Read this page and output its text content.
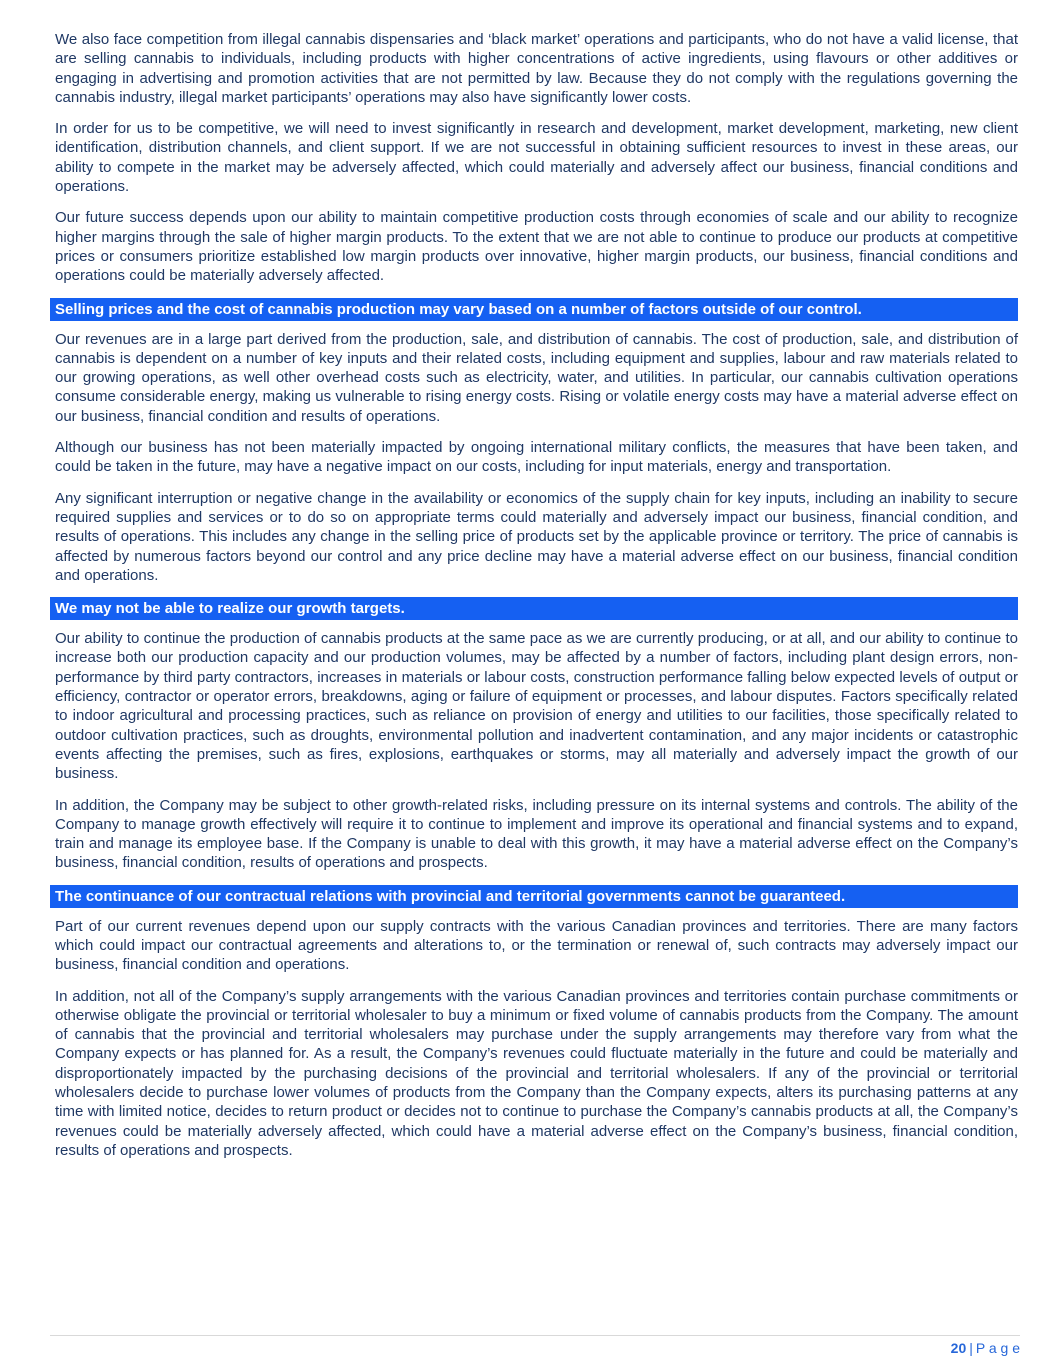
We also face competition from illegal cannabis dispensaries and ‘black market’ operations and participants, who do not have a valid license, that are selling cannabis to individuals, including products with higher concentrations of active ingredients, using flavours or other additives or engaging in advertising and promotion activities that are not permitted by law. Because they do not comply with the regulations governing the cannabis industry, illegal market participants’ operations may also have significantly lower costs.
In order for us to be competitive, we will need to invest significantly in research and development, market development, marketing, new client identification, distribution channels, and client support. If we are not successful in obtaining sufficient resources to invest in these areas, our ability to compete in the market may be adversely affected, which could materially and adversely affect our business, financial conditions and operations.
Our future success depends upon our ability to maintain competitive production costs through economies of scale and our ability to recognize higher margins through the sale of higher margin products. To the extent that we are not able to continue to produce our products at competitive prices or consumers prioritize established low margin products over innovative, higher margin products, our business, financial conditions and operations could be materially adversely affected.
Selling prices and the cost of cannabis production may vary based on a number of factors outside of our control.
Our revenues are in a large part derived from the production, sale, and distribution of cannabis. The cost of production, sale, and distribution of cannabis is dependent on a number of key inputs and their related costs, including equipment and supplies, labour and raw materials related to our growing operations, as well other overhead costs such as electricity, water, and utilities. In particular, our cannabis cultivation operations consume considerable energy, making us vulnerable to rising energy costs. Rising or volatile energy costs may have a material adverse effect on our business, financial condition and results of operations.
Although our business has not been materially impacted by ongoing international military conflicts, the measures that have been taken, and could be taken in the future, may have a negative impact on our costs, including for input materials, energy and transportation.
Any significant interruption or negative change in the availability or economics of the supply chain for key inputs, including an inability to secure required supplies and services or to do so on appropriate terms could materially and adversely impact our business, financial condition, and results of operations. This includes any change in the selling price of products set by the applicable province or territory. The price of cannabis is affected by numerous factors beyond our control and any price decline may have a material adverse effect on our business, financial condition and operations.
We may not be able to realize our growth targets.
Our ability to continue the production of cannabis products at the same pace as we are currently producing, or at all, and our ability to continue to increase both our production capacity and our production volumes, may be affected by a number of factors, including plant design errors, non-performance by third party contractors, increases in materials or labour costs, construction performance falling below expected levels of output or efficiency, contractor or operator errors, breakdowns, aging or failure of equipment or processes, and labour disputes. Factors specifically related to indoor agricultural and processing practices, such as reliance on provision of energy and utilities to our facilities, those specifically related to outdoor cultivation practices, such as droughts, environmental pollution and inadvertent contamination, and any major incidents or catastrophic events affecting the premises, such as fires, explosions, earthquakes or storms, may all materially and adversely impact the growth of our business.
In addition, the Company may be subject to other growth-related risks, including pressure on its internal systems and controls. The ability of the Company to manage growth effectively will require it to continue to implement and improve its operational and financial systems and to expand, train and manage its employee base. If the Company is unable to deal with this growth, it may have a material adverse effect on the Company’s business, financial condition, results of operations and prospects.
The continuance of our contractual relations with provincial and territorial governments cannot be guaranteed.
Part of our current revenues depend upon our supply contracts with the various Canadian provinces and territories. There are many factors which could impact our contractual agreements and alterations to, or the termination or renewal of, such contracts may adversely impact our business, financial condition and operations.
In addition, not all of the Company’s supply arrangements with the various Canadian provinces and territories contain purchase commitments or otherwise obligate the provincial or territorial wholesaler to buy a minimum or fixed volume of cannabis products from the Company. The amount of cannabis that the provincial and territorial wholesalers may purchase under the supply arrangements may therefore vary from what the Company expects or has planned for. As a result, the Company’s revenues could fluctuate materially in the future and could be materially and disproportionately impacted by the purchasing decisions of the provincial and territorial wholesalers. If any of the provincial or territorial wholesalers decide to purchase lower volumes of products from the Company than the Company expects, alters its purchasing patterns at any time with limited notice, decides to return product or decides not to continue to purchase the Company’s cannabis products at all, the Company’s revenues could be materially adversely affected, which could have a material adverse effect on the Company’s business, financial condition, results of operations and prospects.
20 | P a g e
